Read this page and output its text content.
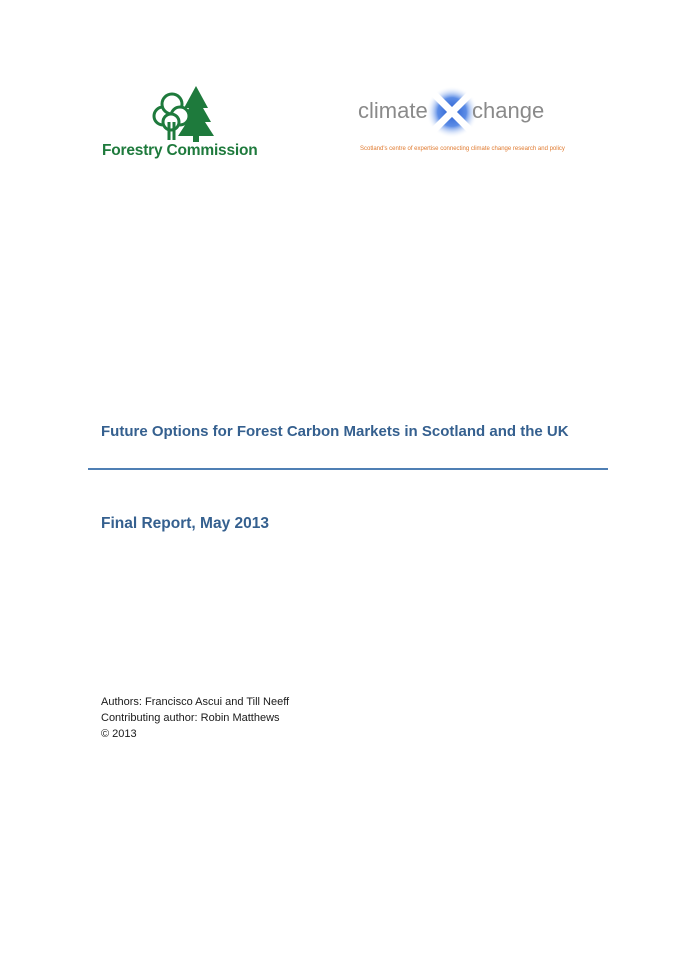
Forestry Commission
climate change
Scotland's centre of expertise connecting climate change research and policy
Future Options for Forest Carbon Markets in Scotland and the UK
Final Report, May 2013
Authors: Francisco Ascui and Till Neeff
Contributing author: Robin Matthews
© 2013
